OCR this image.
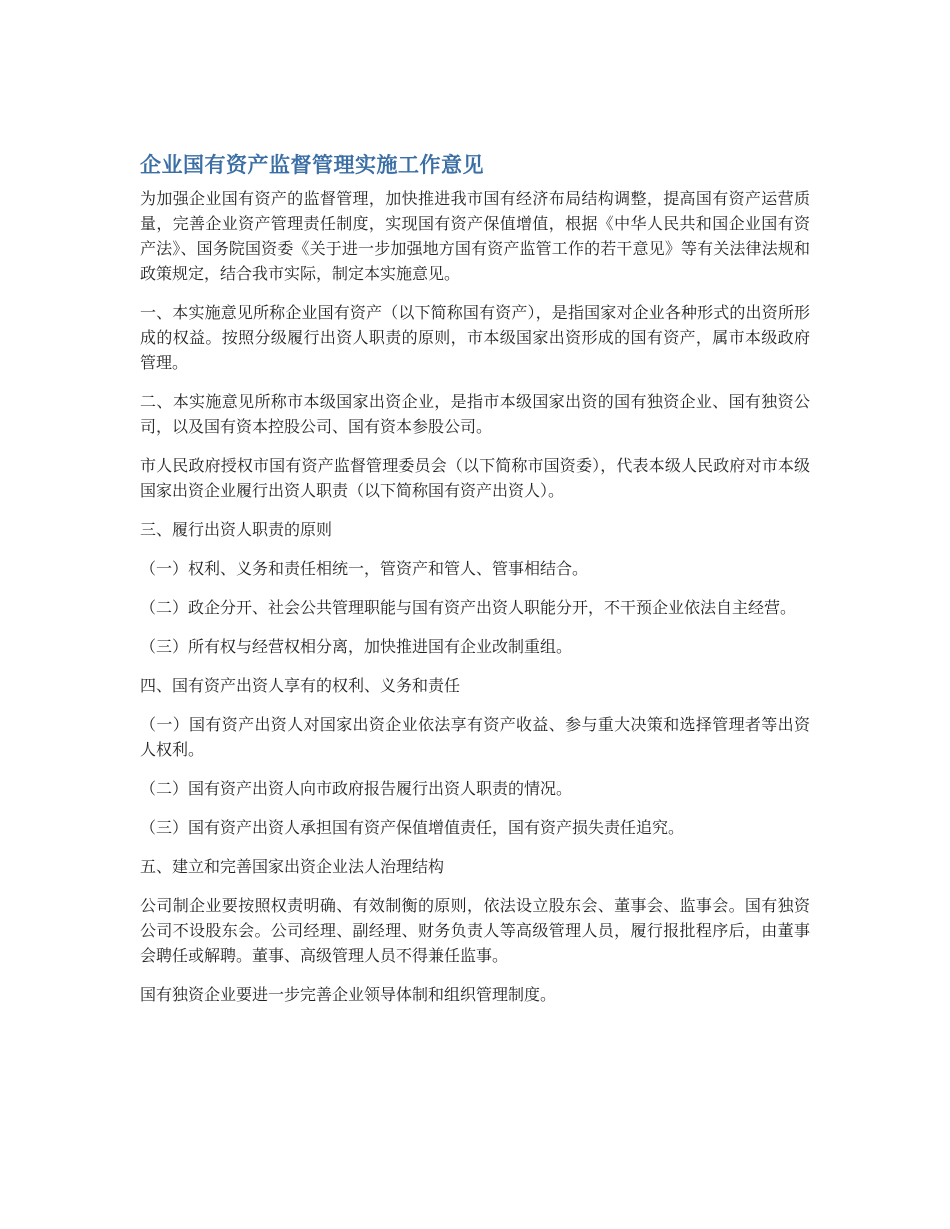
企业国有资产监督管理实施工作意见

为加强企业国有资产的监督管理，加快推进我市国有经济布局结构调整，提高国有资产运营质量，完善企业资产管理责任制度，实现国有资产保值增值，根据《中华人民共和国企业国有资产法》、国务院国资委《关于进一步加强地方国有资产监管工作的若干意见》等有关法律法规和政策规定，结合我市实际，制定本实施意见。

一、本实施意见所称企业国有资产（以下简称国有资产），是指国家对企业各种形式的出资所形成的权益。按照分级履行出资人职责的原则，市本级国家出资形成的国有资产，属市本级政府管理。

二、本实施意见所称市本级国家出资企业，是指市本级国家出资的国有独资企业、国有独资公司，以及国有资本控股公司、国有资本参股公司。

市人民政府授权市国有资产监督管理委员会（以下简称市国资委），代表本级人民政府对市本级国家出资企业履行出资人职责（以下简称国有资产出资人）。

三、履行出资人职责的原则

（一）权利、义务和责任相统一，管资产和管人、管事相结合。

（二）政企分开、社会公共管理职能与国有资产出资人职能分开，不干预企业依法自主经营。

（三）所有权与经营权相分离，加快推进国有企业改制重组。

四、国有资产出资人享有的权利、义务和责任

（一）国有资产出资人对国家出资企业依法享有资产收益、参与重大决策和选择管理者等出资人权利。

（二）国有资产出资人向市政府报告履行出资人职责的情况。

（三）国有资产出资人承担国有资产保值增值责任，国有资产损失责任追究。

五、建立和完善国家出资企业法人治理结构

公司制企业要按照权责明确、有效制衡的原则，依法设立股东会、董事会、监事会。国有独资公司不设股东会。公司经理、副经理、财务负责人等高级管理人员，履行报批程序后，由董事会聘任或解聘。董事、高级管理人员不得兼任监事。

国有独资企业要进一步完善企业领导体制和组织管理制度。
